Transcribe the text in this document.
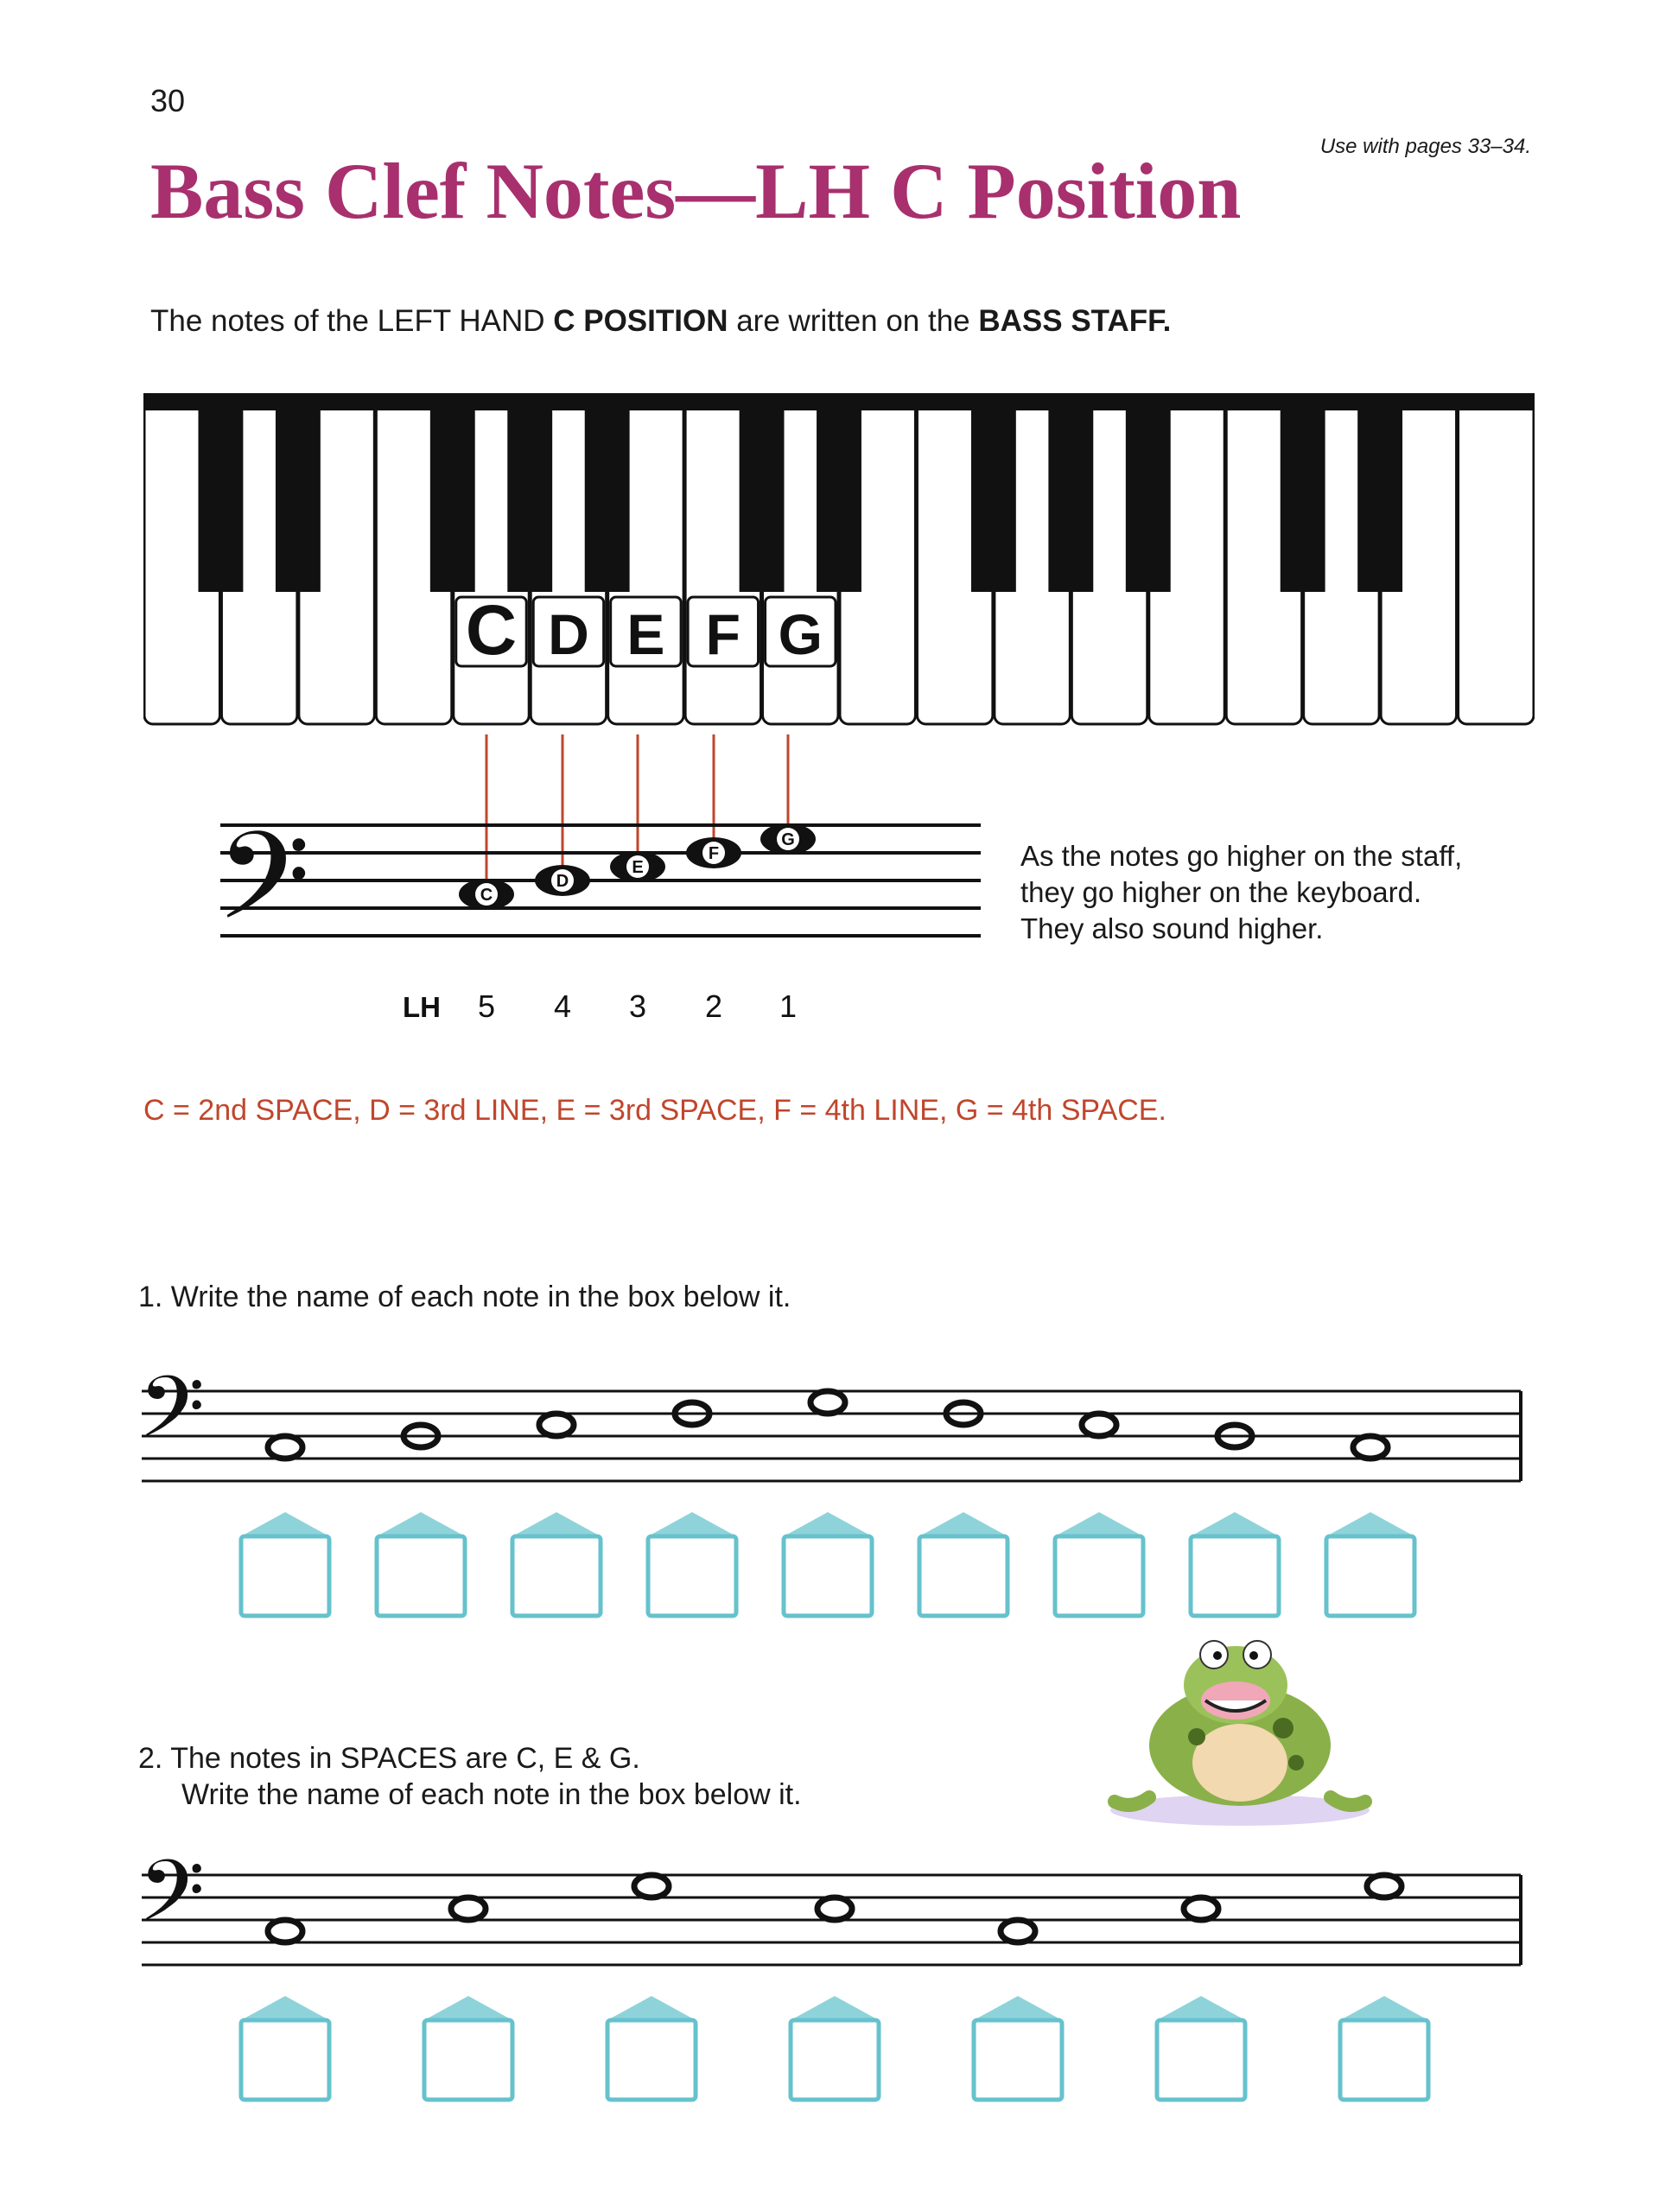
30
Use with pages 33–34.
Bass Clef Notes—LH C Position
The notes of the LEFT HAND C POSITION are written on the BASS STAFF.
C D E F G
𝄢	C
D
E
F
G
LH 5 4 3 2 1
As the notes go higher on the staff,
they go higher on the keyboard.
They also sound higher.
C = 2nd SPACE, D = 3rd LINE, E = 3rd SPACE, F = 4th LINE, G = 4th SPACE.
1. Write the name of each note in the box below it.
𝄢
2. The notes in SPACES are C, E & G.
Write the name of each note in the box below it.
𝄢
